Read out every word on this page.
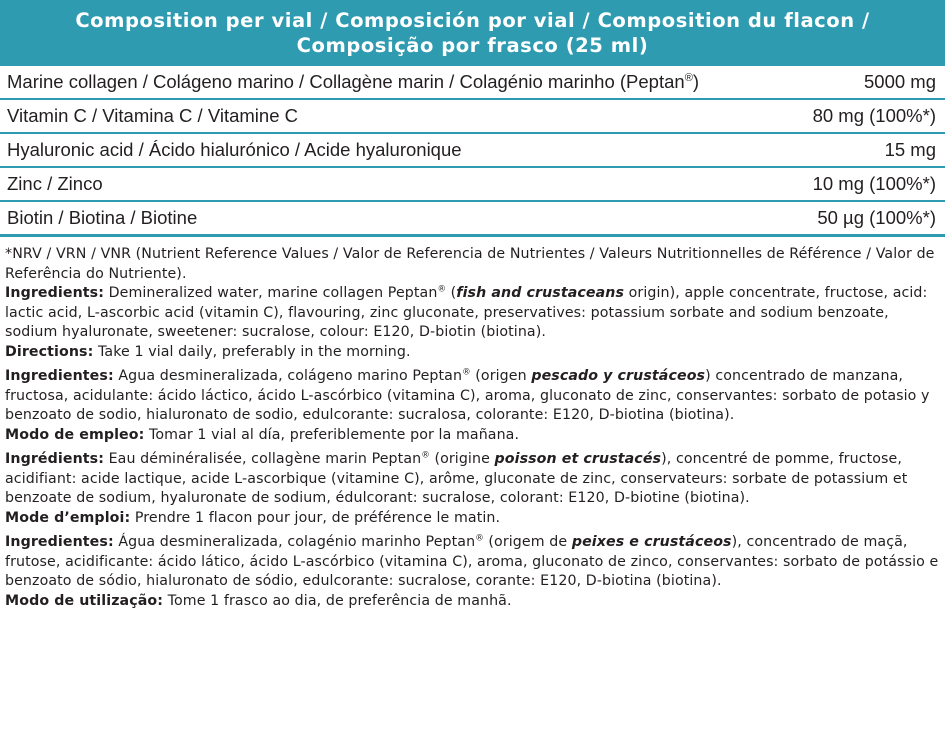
Composition per vial / Composición por vial / Composition du flacon /
Composição por frasco (25 ml)
Marine collagen / Colágeno marino / Collagène marin / Colagénio marinho (Peptan®)	5000 mg
Vitamin C / Vitamina C / Vitamine C	80 mg (100%*)
Hyaluronic acid / Ácido hialurónico / Acide hyaluronique	15 mg
Zinc / Zinco	10 mg (100%*)
Biotin / Biotina / Biotine	50 µg (100%*)

*NRV / VRN / VNR (Nutrient Reference Values / Valor de Referencia de Nutrientes / Valeurs Nutritionnelles de Référence / Valor de Referência do Nutriente).

Ingredients: Demineralized water, marine collagen Peptan® (fish and crustaceans origin), apple concentrate, fructose, acid: lactic acid, L-ascorbic acid (vitamin C), flavouring, zinc gluconate, preservatives: potassium sorbate and sodium benzoate, sodium hyaluronate, sweetener: sucralose, colour: E120, D-biotin (biotina).

Directions: Take 1 vial daily, preferably in the morning.

Ingredientes: Agua desmineralizada, colágeno marino Peptan® (origen pescado y crustáceos) concentrado de manzana, fructosa, acidulante: ácido láctico, ácido L-ascórbico (vitamina C), aroma, gluconato de zinc, conservantes: sorbato de potasio y benzoato de sodio, hialuronato de sodio, edulcorante: sucralosa, colorante: E120, D-biotina (biotina).

Modo de empleo: Tomar 1 vial al día, preferiblemente por la mañana.

Ingrédients: Eau déminéralisée, collagène marin Peptan® (origine poisson et crustacés), concentré de pomme, fructose, acidifiant: acide lactique, acide L-ascorbique (vitamine C), arôme, gluconate de zinc, conservateurs: sorbate de potassium et benzoate de sodium, hyaluronate de sodium, édulcorant: sucralose, colorant: E120, D-biotine (biotina).

Mode d’emploi: Prendre 1 flacon pour jour, de préférence le matin.

Ingredientes: Água desmineralizada, colagénio marinho Peptan® (origem de peixes e crustáceos), concentrado de maçã, frutose, acidificante: ácido lático, ácido L-ascórbico (vitamina C), aroma, gluconato de zinco, conservantes: sorbato de potássio e benzoato de sódio, hialuronato de sódio, edulcorante: sucralose, corante: E120, D-biotina (biotina).

Modo de utilização: Tome 1 frasco ao dia, de preferência de manhã.
